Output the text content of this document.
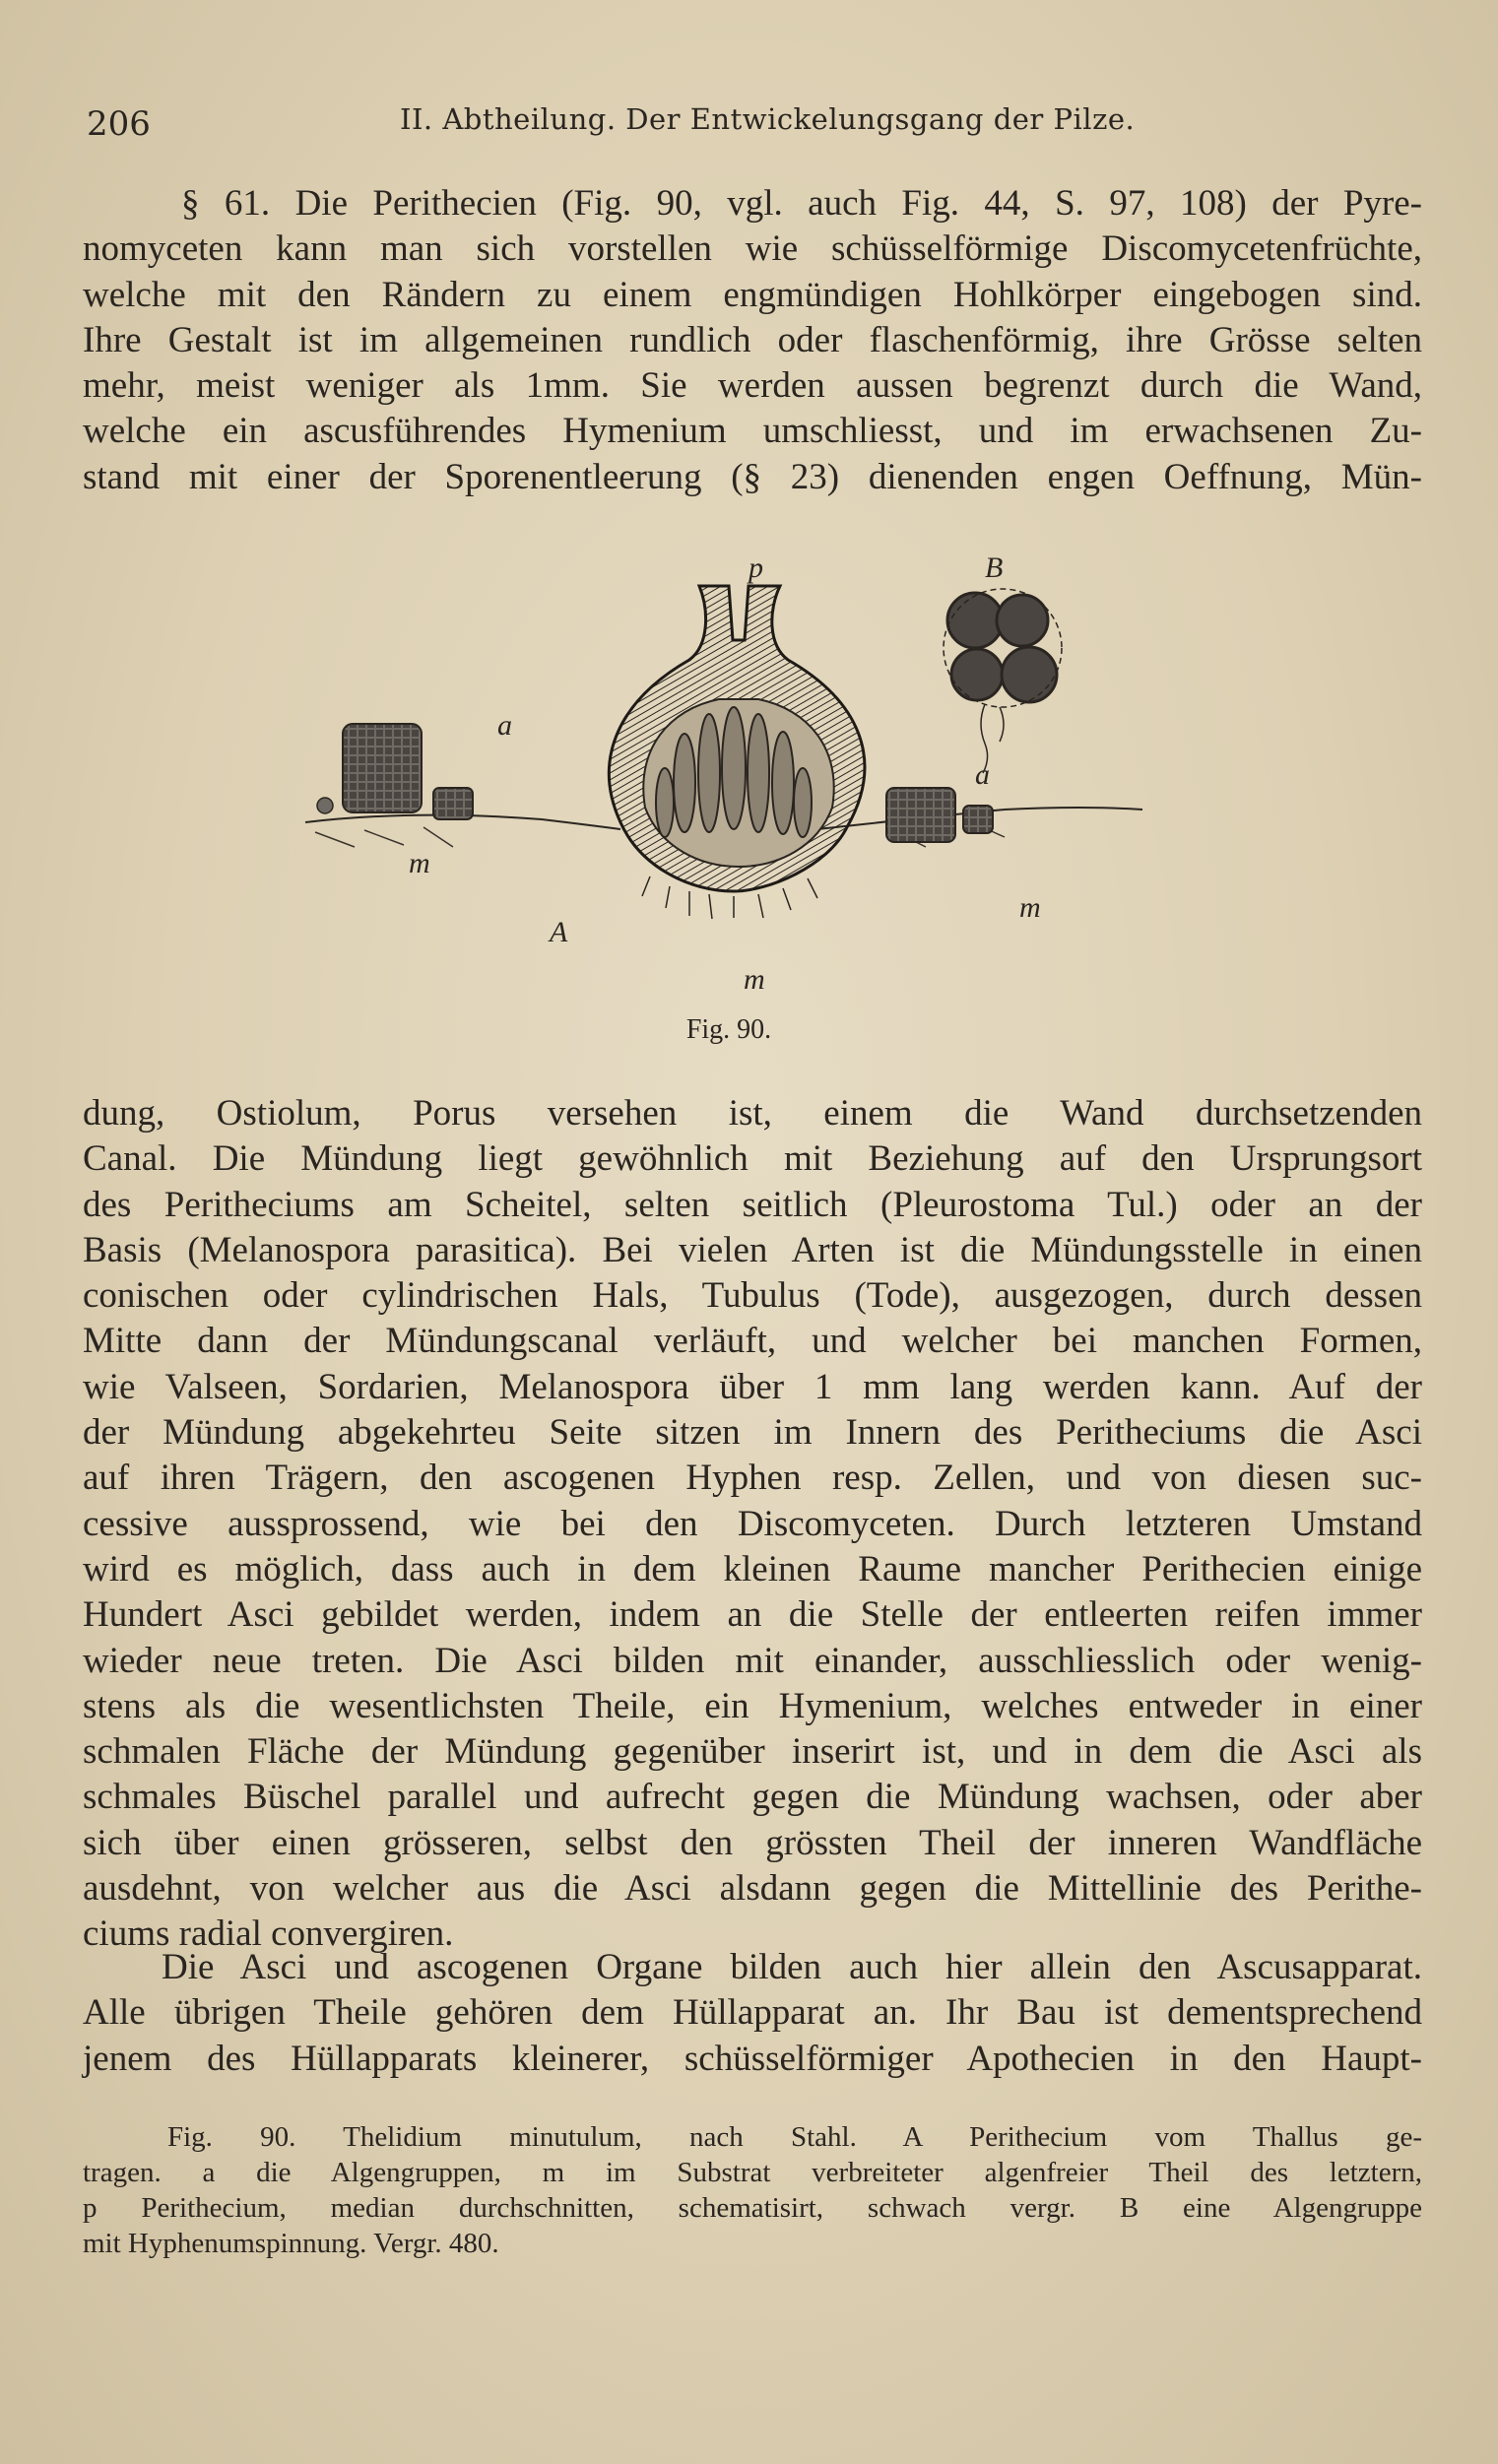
206	II. Abtheilung. Der Entwickelungsgang der Pilze.

§ 61. Die Perithecien (Fig. 90, vgl. auch Fig. 44, S. 97, 108) der Pyre-
nomyceten kann man sich vorstellen wie schüsselförmige Discomycetenfrüchte,
welche mit den Rändern zu einem engmündigen Hohlkörper eingebogen sind.
Ihre Gestalt ist im allgemeinen rundlich oder flaschenförmig, ihre Grösse selten
mehr, meist weniger als 1mm. Sie werden aussen begrenzt durch die Wand,
welche ein ascusführendes Hymenium umschliesst, und im erwachsenen Zu-
stand mit einer der Sporenentleerung (§ 23) dienenden engen Oeffnung, Mün-

p	B
a
a
m
m
m
A
Fig. 90.

dung, Ostiolum, Porus versehen ist, einem die Wand durchsetzenden
Canal. Die Mündung liegt gewöhnlich mit Beziehung auf den Ursprungsort
des Peritheciums am Scheitel, selten seitlich (Pleurostoma Tul.) oder an der
Basis (Melanospora parasitica). Bei vielen Arten ist die Mündungsstelle in einen
conischen oder cylindrischen Hals, Tubulus (Tode), ausgezogen, durch dessen
Mitte dann der Mündungscanal verläuft, und welcher bei manchen Formen,
wie Valseen, Sordarien, Melanospora über 1 mm lang werden kann. Auf der
der Mündung abgekehrteu Seite sitzen im Innern des Peritheciums die Asci
auf ihren Trägern, den ascogenen Hyphen resp. Zellen, und von diesen suc-
cessive aussprossend, wie bei den Discomyceten. Durch letzteren Umstand
wird es möglich, dass auch in dem kleinen Raume mancher Perithecien einige
Hundert Asci gebildet werden, indem an die Stelle der entleerten reifen immer
wieder neue treten. Die Asci bilden mit einander, ausschliesslich oder wenig-
stens als die wesentlichsten Theile, ein Hymenium, welches entweder in einer
schmalen Fläche der Mündung gegenüber inserirt ist, und in dem die Asci als
schmales Büschel parallel und aufrecht gegen die Mündung wachsen, oder aber
sich über einen grösseren, selbst den grössten Theil der inneren Wandfläche
ausdehnt, von welcher aus die Asci alsdann gegen die Mittellinie des Perithe-
ciums radial convergiren.

Die Asci und ascogenen Organe bilden auch hier allein den Ascusapparat.
Alle übrigen Theile gehören dem Hüllapparat an. Ihr Bau ist dementsprechend
jenem des Hüllapparats kleinerer, schüsselförmiger Apothecien in den Haupt-

Fig. 90. Thelidium minutulum, nach Stahl. A Perithecium vom Thallus ge-
tragen. a die Algengruppen, m im Substrat verbreiteter algenfreier Theil des letztern,
p Perithecium, median durchschnitten, schematisirt, schwach vergr. B eine Algengruppe
mit Hyphenumspinnung. Vergr. 480.
